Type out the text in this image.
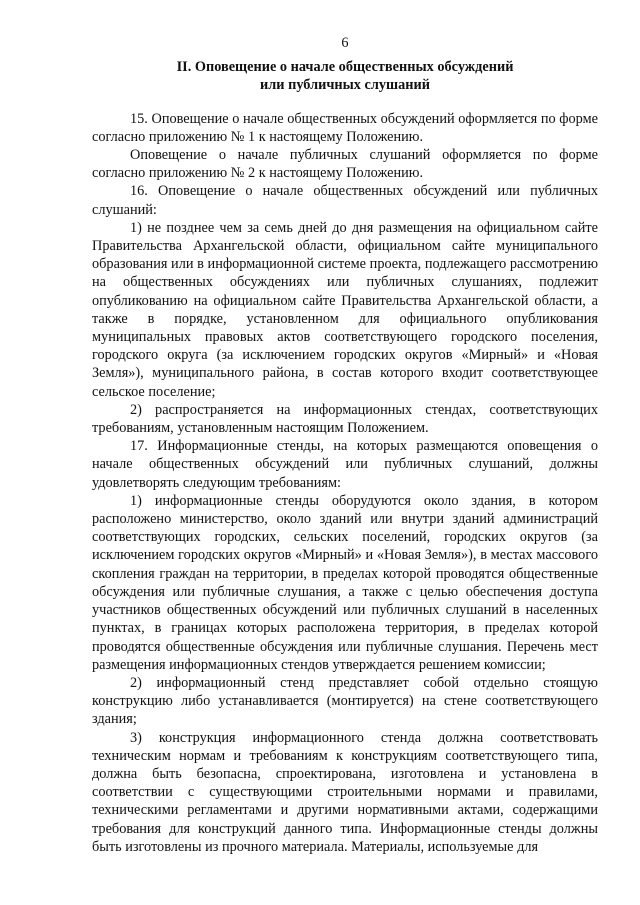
6
II. Оповещение о начале общественных обсуждений
или публичных слушаний

15. Оповещение о начале общественных обсуждений оформляется по форме согласно приложению № 1 к настоящему Положению.

Оповещение о начале публичных слушаний оформляется по форме согласно приложению № 2 к настоящему Положению.

16. Оповещение о начале общественных обсуждений или публичных слушаний:

1) не позднее чем за семь дней до дня размещения на официальном сайте Правительства Архангельской области, официальном сайте муниципального образования или в информационной системе проекта, подлежащего рассмотрению на общественных обсуждениях или публичных слушаниях, подлежит опубликованию на официальном сайте Правительства Архангельской области, а также в порядке, установленном для официального опубликования муниципальных правовых актов соответствующего городского поселения, городского округа (за исключением городских округов «Мирный» и «Новая Земля»), муниципального района, в состав которого входит соответствующее сельское поселение;

2) распространяется на информационных стендах, соответствующих требованиям, установленным настоящим Положением.

17. Информационные стенды, на которых размещаются оповещения о начале общественных обсуждений или публичных слушаний, должны удовлетворять следующим требованиям:

1) информационные стенды оборудуются около здания, в котором расположено министерство, около зданий или внутри зданий администраций соответствующих городских, сельских поселений, городских округов (за исключением городских округов «Мирный» и «Новая Земля»), в местах массового скопления граждан на территории, в пределах которой проводятся общественные обсуждения или публичные слушания, а также с целью обеспечения доступа участников общественных обсуждений или публичных слушаний в населенных пунктах, в границах которых расположена территория, в пределах которой проводятся общественные обсуждения или публичные слушания. Перечень мест размещения информационных стендов утверждается решением комиссии;

2) информационный стенд представляет собой отдельно стоящую конструкцию либо устанавливается (монтируется) на стене соответствующего здания;

3) конструкция информационного стенда должна соответствовать техническим нормам и требованиям к конструкциям соответствующего типа, должна быть безопасна, спроектирована, изготовлена и установлена в соответствии с существующими строительными нормами и правилами, техническими регламентами и другими нормативными актами, содержащими требования для конструкций данного типа. Информационные стенды должны быть изготовлены из прочного материала. Материалы, используемые для
